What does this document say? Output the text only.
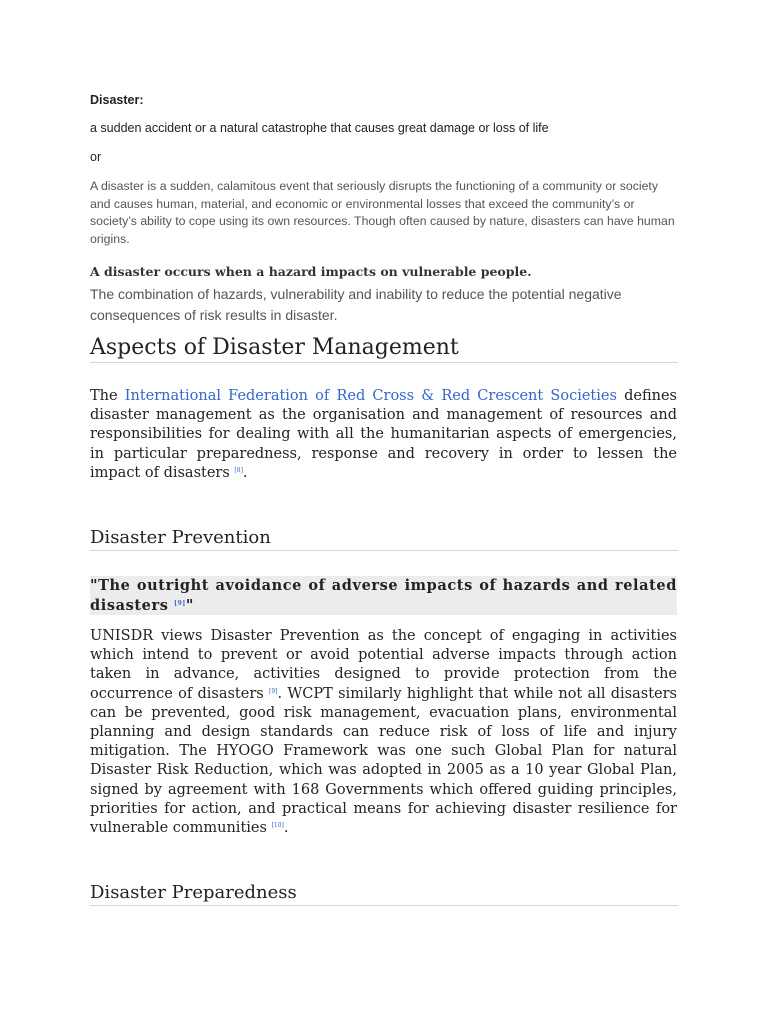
Disaster:
a sudden accident or a natural catastrophe that causes great damage or loss of life
or
A disaster is a sudden, calamitous event that seriously disrupts the functioning of a community or society and causes human, material, and economic or environmental losses that exceed the community’s or society’s ability to cope using its own resources. Though often caused by nature, disasters can have human origins.
A disaster occurs when a hazard impacts on vulnerable people.
The combination of hazards, vulnerability and inability to reduce the potential negative consequences of risk results in disaster.
Aspects of Disaster Management

The International Federation of Red Cross & Red Crescent Societies defines disaster management as the organisation and management of resources and responsibilities for dealing with all the humanitarian aspects of emergencies, in particular preparedness, response and recovery in order to lessen the impact of disasters [8].

Disaster Prevention

"The outright avoidance of adverse impacts of hazards and related disasters [9]"

UNISDR views Disaster Prevention as the concept of engaging in activities which intend to prevent or avoid potential adverse impacts through action taken in advance, activities designed to provide protection from the occurrence of disasters [9]. WCPT similarly highlight that while not all disasters can be prevented, good risk management, evacuation plans, environmental planning and design standards can reduce risk of loss of life and injury mitigation. The HYOGO Framework was one such Global Plan for natural Disaster Risk Reduction, which was adopted in 2005 as a 10 year Global Plan, signed by agreement with 168 Governments which offered guiding principles, priorities for action, and practical means for achieving disaster resilience for vulnerable communities [10].

Disaster Preparedness
